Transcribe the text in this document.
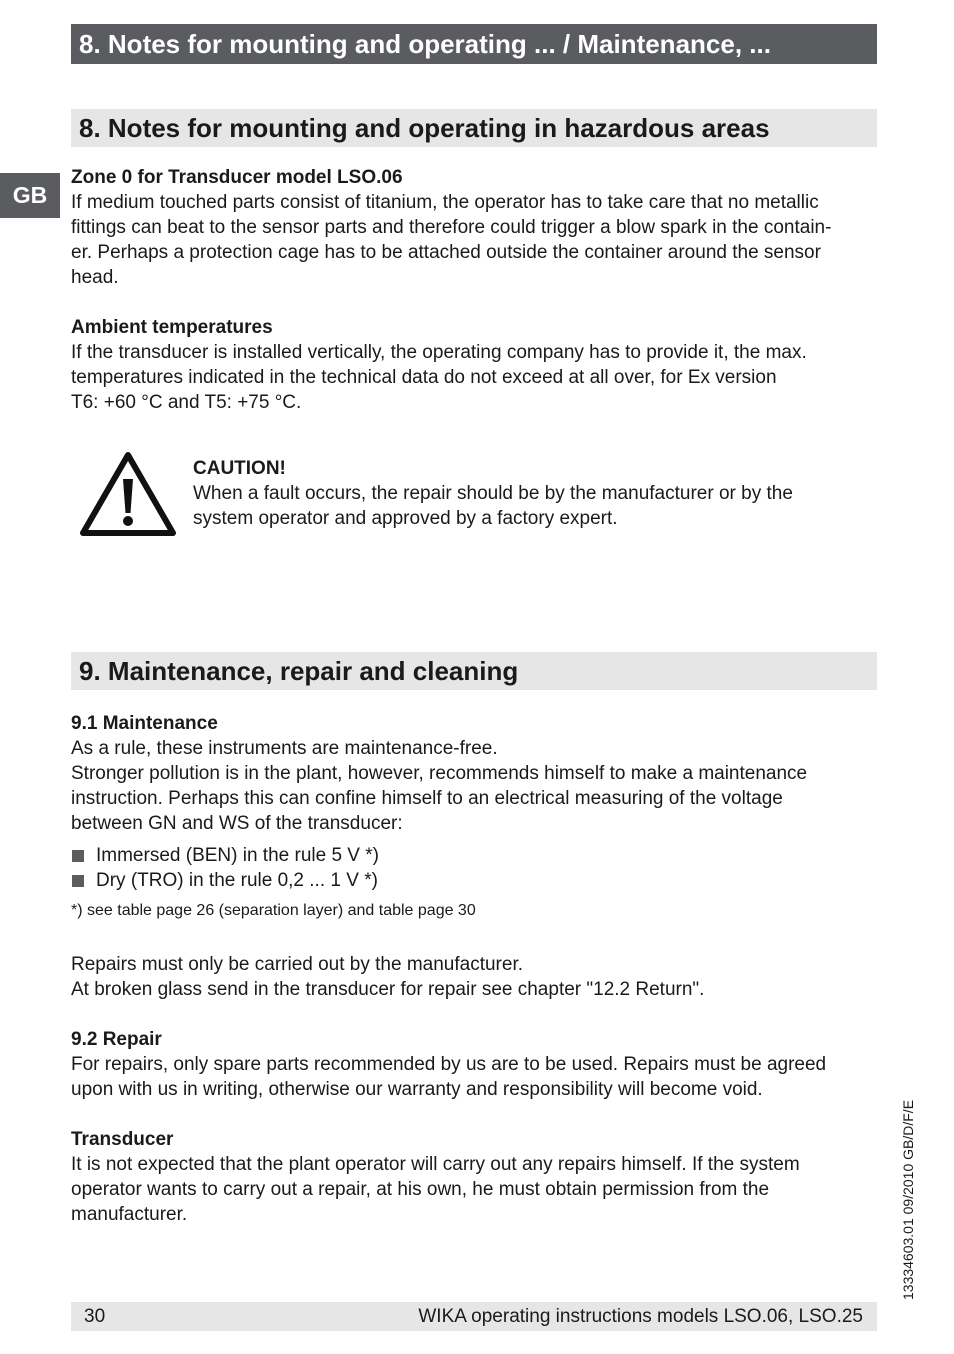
8. Notes for mounting and operating ... / Maintenance, ...
GB
8. Notes for mounting and operating in hazardous areas

Zone 0 for Transducer model LSO.06

If medium touched parts consist of titanium, the operator has to take care that no metallic

fittings can beat to the sensor parts and therefore could trigger a blow spark in the contain-

er. Perhaps a protection cage has to be attached outside the container around the sensor

head.

Ambient temperatures

If the transducer is installed vertically, the operating company has to provide it, the max.

temperatures indicated in the technical data do not exceed at all over, for Ex version

T6: +60 °C and T5: +75 °C.

CAUTION!

When a fault occurs, the repair should be by the manufacturer or by the

system operator and approved by a factory expert.

9. Maintenance, repair and cleaning

9.1 Maintenance

As a rule, these instruments are maintenance-free.

Stronger pollution is in the plant, however, recommends himself to make a maintenance

instruction. Perhaps this can confine himself to an electrical measuring of the voltage

between GN and WS of the transducer:

Immersed (BEN) in the rule 5 V *)
Dry (TRO) in the rule 0,2 ... 1 V *)

*) see table page 26 (separation layer) and table page 30

Repairs must only be carried out by the manufacturer.

At broken glass send in the transducer for repair see chapter "12.2 Return".

9.2 Repair

For repairs, only spare parts recommended by us are to be used. Repairs must be agreed

upon with us in writing, otherwise our warranty and responsibility will become void.

Transducer

It is not expected that the plant operator will carry out any repairs himself. If the system

operator wants to carry out a repair, at his own, he must obtain permission from the

manufacturer.	13334603.01 09/2010 GB/D/F/E
30	WIKA operating instructions models LSO.06, LSO.25
